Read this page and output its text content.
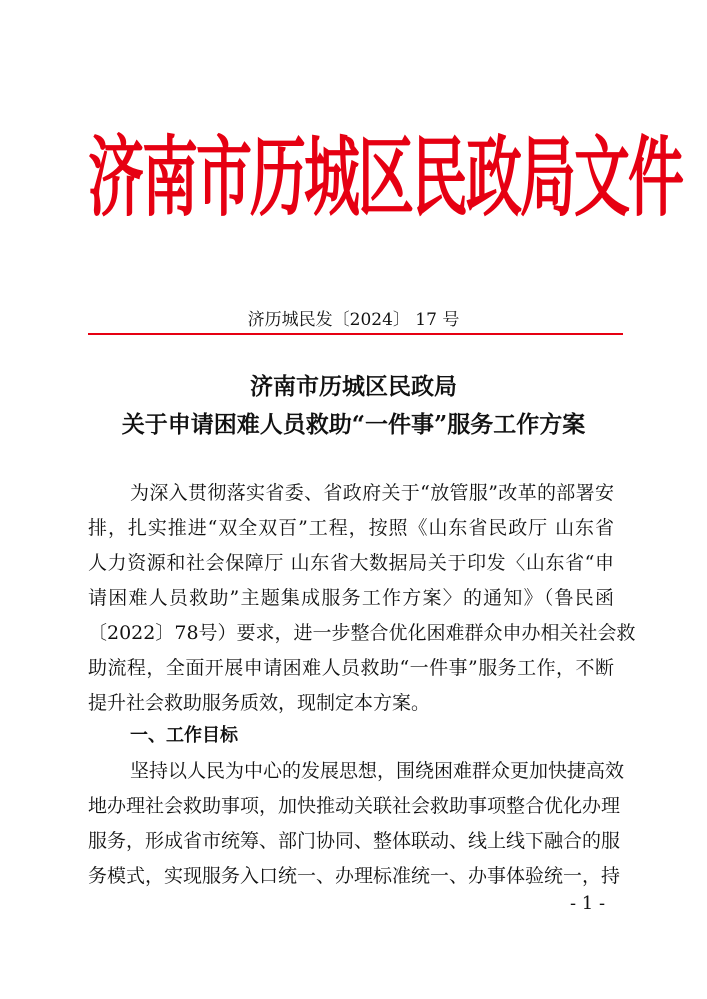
济南市历城区民政局文件
济历城民发〔2024〕 17 号
济南市历城区民政局
关于申请困难人员救助“一件事”服务工作方案
为深入贯彻落实省委、省政府关于“放管服”改革的部署安
排，扎实推进“双全双百”工程，按照《山东省民政厅 山东省
人力资源和社会保障厅 山东省大数据局关于印发〈山东省“申
请困难人员救助”主题集成服务工作方案〉的通知》（鲁民函
〔2022〕78号）要求，进一步整合优化困难群众申办相关社会救
助流程，全面开展申请困难人员救助“一件事”服务工作，不断
提升社会救助服务质效，现制定本方案。
一、工作目标
坚持以人民为中心的发展思想，围绕困难群众更加快捷高效
地办理社会救助事项，加快推动关联社会救助事项整合优化办理
服务，形成省市统筹、部门协同、整体联动、线上线下融合的服
务模式，实现服务入口统一、办理标准统一、办事体验统一，持
- 1 -
